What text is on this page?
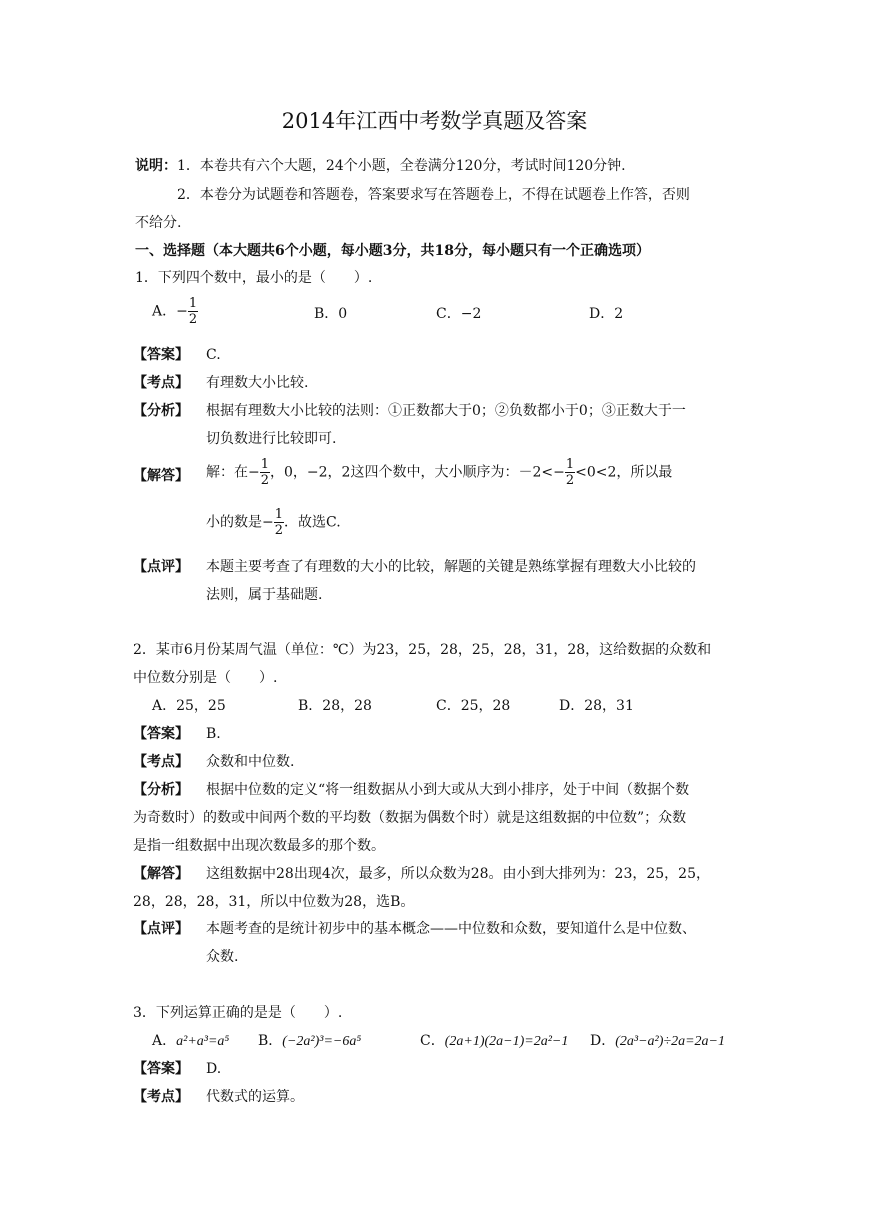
2014年江西中考数学真题及答案
说明：1．本卷共有六个大题，24个小题，全卷满分120分，考试时间120分钟.
2．本卷分为试题卷和答题卷，答案要求写在答题卷上，不得在试题卷上作答，否则
不给分.
一、选择题（本大题共6个小题，每小题3分，共18分，每小题只有一个正确选项）
1．下列四个数中，最小的是（　　）.
A．− $\frac{1}{2}$	B．0	C．−2	D．2
【答案】 C.
【考点】 有理数大小比较.
【分析】 根据有理数大小比较的法则：①正数都大于0；②负数都小于0；③正数大于一
切负数进行比较即可.
【解答】 解：在− $\frac{1}{2}$ ，0，−2，2这四个数中，大小顺序为：$-2<- \frac{1}{2} <0<2$，所以最
小的数是− $\frac{1}{2}$ ．故选C.
【点评】 本题主要考查了有理数的大小的比较，解题的关键是熟练掌握有理数大小比较的
法则，属于基础题.
2．某市6月份某周气温（单位：℃）为23，25，28，25，28，31，28，这给数据的众数和
中位数分别是（　　）.
A．25，25	B．28，28	C．25，28	D．28，31
【答案】 B.
【考点】 众数和中位数.
【分析】 根据中位数的定义“将一组数据从小到大或从大到小排序，处于中间（数据个数
为奇数时）的数或中间两个数的平均数（数据为偶数个时）就是这组数据的中位数”；众数
是指一组数据中出现次数最多的那个数。
【解答】 这组数据中28出现4次，最多，所以众数为28。由小到大排列为：23，25，25，
28，28，28，31，所以中位数为28，选B。
【点评】 本题考查的是统计初步中的基本概念——中位数和众数，要知道什么是中位数、
众数.
3．下列运算正确的是是（　　）.
A．a²+a³=a⁵ B．(−2a²)³=−6a⁵	C．(2a+1)(2a−1)=2a²−1 D．(2a³−a²)÷2a=2a−1
【答案】 D.
【考点】 代数式的运算。
